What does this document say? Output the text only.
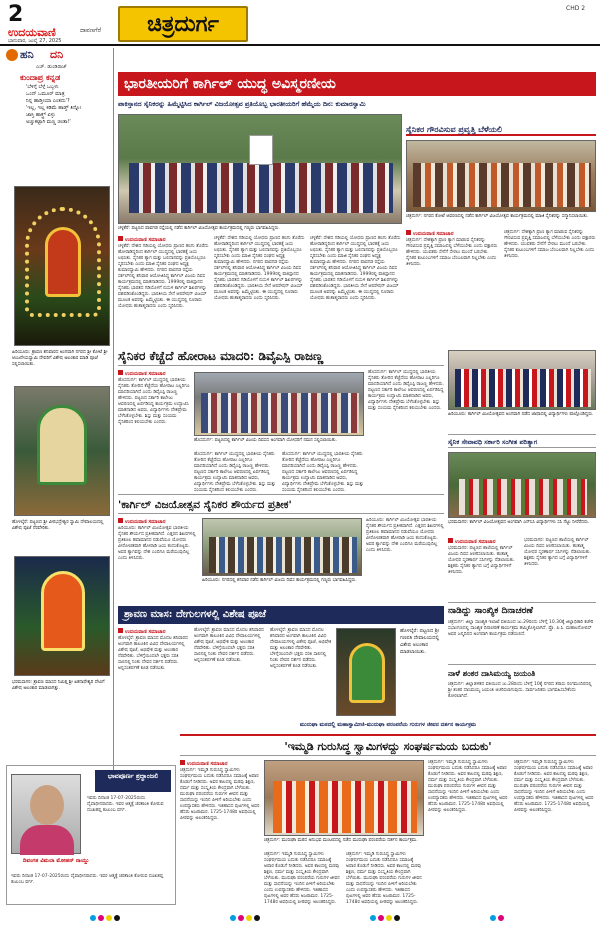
2
ಉದಯವಾಣಿ	ದಾವಣಗೆರೆ
ಭಾನುವಾರ, ಜುಲೈ 27, 2025
ಚಿತ್ರದುರ್ಗ
CHD 2
ಹನಿ ದನಿ
ಎಚ್. ಡುಂಡಿರಾಜ್
ಕುಂದಾಪ್ರ ಕನ್ನಡ
'ಬೆಳಿಗ್ಗೆ ಬೆಳ್ಗೆ ಒಬ್ಬಳು
ಒಂದ್ ಒಮೂರ್ ಮಾತ್ರ
ನಿನ್ನ ಹಾಡ್ತೀಯಾ ಎಂತದು'?
'ಇಲ್ಲ, ಇಲ್ಲ ಕಡಿಮೆ ಹಾಡ್ತ್ ತಿನ್ನೋ
ಜಾಸ್ತಿ ಹಾಕ್ತ್ತ್ ಏಳ್ಳು
ಅಚ್ಚುಕಟ್ಟಾಗಿ ಮಣ್ಣ ಚಿಂತಾ!'
ಹಿರಿಯೂರು: ಶ್ರಾವಣ ಶನಿವಾರದ ಅಂಗವಾಗಿ ನಗರದ ಶ್ರೀ ಕೋಟೆ ಶ್ರೀ ಆಂಜನೇಯಸ್ವಾಮಿ ದೇವರಿಗೆ ವಿಶೇಷ ಅಲಂಕಾರ ಮಾಡಿ ಪೂಜೆ ಸಲ್ಲಿಸಲಾಯಿತು.
ಹೊಳಲ್ಕೆರೆ: ಪಟ್ಟಣದ ಶ್ರೀ ವೀರಭದ್ರೇಶ್ವರ ಸ್ವಾಮಿ ದೇವಾಲಯದಲ್ಲಿ ವಿಶೇಷ ಪೂಜೆ ನೆರವೇರಿತು.
ಭರಮಸಾಗರ: ಶ್ರಾವಣ ಮಾಸದ ನಿಮಿತ್ತ ಶ್ರೀ ಏಕನಾಥೇಶ್ವರಿ ದೇವಿಗೆ ವಿಶೇಷ ಅಲಂಕಾರ ಮಾಡಲಾಗಿತ್ತು.
ಭಾವಪೂರ್ಣ ಶ್ರದ್ಧಾಂಜಲಿ
ಇವರು ದಿನಾಂಕ 17-07-2025ರಂದು ದೈವಾಧೀನರಾದರು. ಇವರ ಆತ್ಮಕ್ಕೆ ಚಿರಶಾಂತಿ ಕೋರುವ ದುಃಖತಪ್ತ ಕುಟುಂಬ ವರ್ಗ.
ದಿವಂಗತ ವಿಮಲಾ ಮೋಹನ್ ನಾಯ್ಡು
ಇವರು ದಿನಾಂಕ 17-07-2025ರಂದು ದೈವಾಧೀನರಾದರು. ಇವರ ಆತ್ಮಕ್ಕೆ ಚಿರಶಾಂತಿ ಕೋರುವ ದುಃಖತಪ್ತ ಕುಟುಂಬ ವರ್ಗ.
ಭಾರತೀಯರಿಗೆ ಕಾರ್ಗಿಲ್ ಯುದ್ಧ ಅವಿಸ್ಮರಣೀಯ
ಪಾಕಿಸ್ತಾನದ ಸೈನಿಕರನ್ನು ಹಿಮ್ಮೆಟ್ಟಿಸಿದ ಕಾರ್ಗಿಲ್ ವಿಜಯೋತ್ಸವ ಪ್ರತಿಯೊಬ್ಬ ಭಾರತೀಯರಿಗೆ ಹೆಮ್ಮೆಯ ದಿನ: ಕುಮಾರಸ್ವಾಮಿ
ಚಳ್ಳಕೆರೆ: ಪಟ್ಟಣದ ಪಾವಗಡ ರಸ್ತೆಯಲ್ಲಿ ನಡೆದ ಕಾರ್ಗಿಲ್ ವಿಜಯೋತ್ಸವ ಕಾರ್ಯಕ್ರಮದಲ್ಲಿ ಗಣ್ಯರು ಭಾಗವಹಿಸಿದ್ದರು.
ಉದಯವಾಣಿ ಸಮಾಚಾರ
ಚಳ್ಳಕೆರೆ: ದೇಶದ ಗಡಿಯಲ್ಲಿ ಯೋಧರು ಪ್ರಾಣದ ಹಂಗು ತೊರೆದು ಹೋರಾಡಿದ್ದರಿಂದ ಕಾರ್ಗಿಲ್ ಯುದ್ಧದಲ್ಲಿ ಭಾರತಕ್ಕೆ ಜಯ ಲಭಿಸಿತು. ಸೈನಿಕರ ತ್ಯಾಗ ಮತ್ತು ಬಲಿದಾನವನ್ನು ಪ್ರತಿಯೊಬ್ಬರೂ ಸ್ಮರಿಸಬೇಕು ಎಂದು ಮಾಜಿ ಸೈನಿಕರ ಸಂಘದ ಅಧ್ಯಕ್ಷ ಕುಮಾರಸ್ವಾಮಿ ಹೇಳಿದರು. ನಗರದ ಪಾವಗಡ ರಸ್ತೆಯ ಸರ್ಕಲ್‌ನಲ್ಲಿ ಶನಿವಾರ ಆಯೋಜಿಸಿದ್ದ ಕಾರ್ಗಿಲ್ ವಿಜಯ ದಿವಸ ಕಾರ್ಯಕ್ರಮದಲ್ಲಿ ಮಾತನಾಡಿದರು. 1999ರಲ್ಲಿ ಪಾಕಿಸ್ತಾನದ ಸೈನಿಕರು ಭಾರತದ ಗಡಿಯೊಳಗೆ ನುಸುಳಿ ಕಾರ್ಗಿಲ್ ಶಿಖರಗಳನ್ನು ವಶಪಡಿಸಿಕೊಂಡಿದ್ದರು. ಭಾರತೀಯ ಸೇನೆ ಆಪರೇಷನ್ ವಿಜಯ್ ಮೂಲಕ ಅವರನ್ನು ಹಿಮ್ಮೆಟ್ಟಿಸಿತು. ಈ ಯುದ್ಧದಲ್ಲಿ ನೂರಾರು ಯೋಧರು ಹುತಾತ್ಮರಾದರು ಎಂದು ಸ್ಮರಿಸಿದರು.
ಚಳ್ಳಕೆರೆ: ದೇಶದ ಗಡಿಯಲ್ಲಿ ಯೋಧರು ಪ್ರಾಣದ ಹಂಗು ತೊರೆದು ಹೋರಾಡಿದ್ದರಿಂದ ಕಾರ್ಗಿಲ್ ಯುದ್ಧದಲ್ಲಿ ಭಾರತಕ್ಕೆ ಜಯ ಲಭಿಸಿತು. ಸೈನಿಕರ ತ್ಯಾಗ ಮತ್ತು ಬಲಿದಾನವನ್ನು ಪ್ರತಿಯೊಬ್ಬರೂ ಸ್ಮರಿಸಬೇಕು ಎಂದು ಮಾಜಿ ಸೈನಿಕರ ಸಂಘದ ಅಧ್ಯಕ್ಷ ಕುಮಾರಸ್ವಾಮಿ ಹೇಳಿದರು. ನಗರದ ಪಾವಗಡ ರಸ್ತೆಯ ಸರ್ಕಲ್‌ನಲ್ಲಿ ಶನಿವಾರ ಆಯೋಜಿಸಿದ್ದ ಕಾರ್ಗಿಲ್ ವಿಜಯ ದಿವಸ ಕಾರ್ಯಕ್ರಮದಲ್ಲಿ ಮಾತನಾಡಿದರು. 1999ರಲ್ಲಿ ಪಾಕಿಸ್ತಾನದ ಸೈನಿಕರು ಭಾರತದ ಗಡಿಯೊಳಗೆ ನುಸುಳಿ ಕಾರ್ಗಿಲ್ ಶಿಖರಗಳನ್ನು ವಶಪಡಿಸಿಕೊಂಡಿದ್ದರು. ಭಾರತೀಯ ಸೇನೆ ಆಪರೇಷನ್ ವಿಜಯ್ ಮೂಲಕ ಅವರನ್ನು ಹಿಮ್ಮೆಟ್ಟಿಸಿತು. ಈ ಯುದ್ಧದಲ್ಲಿ ನೂರಾರು ಯೋಧರು ಹುತಾತ್ಮರಾದರು ಎಂದು ಸ್ಮರಿಸಿದರು.
ಚಳ್ಳಕೆರೆ: ದೇಶದ ಗಡಿಯಲ್ಲಿ ಯೋಧರು ಪ್ರಾಣದ ಹಂಗು ತೊರೆದು ಹೋರಾಡಿದ್ದರಿಂದ ಕಾರ್ಗಿಲ್ ಯುದ್ಧದಲ್ಲಿ ಭಾರತಕ್ಕೆ ಜಯ ಲಭಿಸಿತು. ಸೈನಿಕರ ತ್ಯಾಗ ಮತ್ತು ಬಲಿದಾನವನ್ನು ಪ್ರತಿಯೊಬ್ಬರೂ ಸ್ಮರಿಸಬೇಕು ಎಂದು ಮಾಜಿ ಸೈನಿಕರ ಸಂಘದ ಅಧ್ಯಕ್ಷ ಕುಮಾರಸ್ವಾಮಿ ಹೇಳಿದರು. ನಗರದ ಪಾವಗಡ ರಸ್ತೆಯ ಸರ್ಕಲ್‌ನಲ್ಲಿ ಶನಿವಾರ ಆಯೋಜಿಸಿದ್ದ ಕಾರ್ಗಿಲ್ ವಿಜಯ ದಿವಸ ಕಾರ್ಯಕ್ರಮದಲ್ಲಿ ಮಾತನಾಡಿದರು. 1999ರಲ್ಲಿ ಪಾಕಿಸ್ತಾನದ ಸೈನಿಕರು ಭಾರತದ ಗಡಿಯೊಳಗೆ ನುಸುಳಿ ಕಾರ್ಗಿಲ್ ಶಿಖರಗಳನ್ನು ವಶಪಡಿಸಿಕೊಂಡಿದ್ದರು. ಭಾರತೀಯ ಸೇನೆ ಆಪರೇಷನ್ ವಿಜಯ್ ಮೂಲಕ ಅವರನ್ನು ಹಿಮ್ಮೆಟ್ಟಿಸಿತು. ಈ ಯುದ್ಧದಲ್ಲಿ ನೂರಾರು ಯೋಧರು ಹುತಾತ್ಮರಾದರು ಎಂದು ಸ್ಮರಿಸಿದರು.
ಸೈನಿಕರ ಗೌರವಿಸುವ ಪ್ರವೃತ್ತಿ ಬೆಳೆಯಲಿ
ಚಿತ್ರದುರ್ಗ: ನಗರದ ಕೋಟೆ ಆವರಣದಲ್ಲಿ ನಡೆದ ಕಾರ್ಗಿಲ್ ವಿಜಯೋತ್ಸವ ಕಾರ್ಯಕ್ರಮದಲ್ಲಿ ಮಾಜಿ ಸೈನಿಕರನ್ನು ಸನ್ಮಾನಿಸಲಾಯಿತು.
ಉದಯವಾಣಿ ಸಮಾಚಾರ
ಚಿತ್ರದುರ್ಗ: ದೇಶಕ್ಕಾಗಿ ಪ್ರಾಣ ತ್ಯಾಗ ಮಾಡುವ ಸೈನಿಕರನ್ನು ಗೌರವಿಸುವ ಪ್ರವೃತ್ತಿ ಸಮಾಜದಲ್ಲಿ ಬೆಳೆಯಬೇಕು ಎಂದು ವಕ್ತಾರರು ಹೇಳಿದರು. ಯುವಕರು ಸೇನೆಗೆ ಸೇರಲು ಮುಂದೆ ಬರಬೇಕು. ಸೈನಿಕರ ಕುಟುಂಬಗಳಿಗೆ ಸಮಾಜ ಬೆಂಬಲವಾಗಿ ನಿಲ್ಲಬೇಕು ಎಂದು ತಿಳಿಸಿದರು.
ಚಿತ್ರದುರ್ಗ: ದೇಶಕ್ಕಾಗಿ ಪ್ರಾಣ ತ್ಯಾಗ ಮಾಡುವ ಸೈನಿಕರನ್ನು ಗೌರವಿಸುವ ಪ್ರವೃತ್ತಿ ಸಮಾಜದಲ್ಲಿ ಬೆಳೆಯಬೇಕು ಎಂದು ವಕ್ತಾರರು ಹೇಳಿದರು. ಯುವಕರು ಸೇನೆಗೆ ಸೇರಲು ಮುಂದೆ ಬರಬೇಕು. ಸೈನಿಕರ ಕುಟುಂಬಗಳಿಗೆ ಸಮಾಜ ಬೆಂಬಲವಾಗಿ ನಿಲ್ಲಬೇಕು ಎಂದು ತಿಳಿಸಿದರು.
ಸೈನಿಕರ ಕೆಚ್ಚೆದೆ ಹೋರಾಟ ಮಾದರಿ: ಡಿವೈಎಸ್ಪಿ ರಾಜಣ್ಣ
ಉದಯವಾಣಿ ಸಮಾಚಾರ
ಹೊಸದುರ್ಗ: ಕಾರ್ಗಿಲ್ ಯುದ್ಧದಲ್ಲಿ ಭಾರತೀಯ ಸೈನಿಕರು ತೋರಿದ ಕೆಚ್ಚೆದೆಯ ಹೋರಾಟ ಎಲ್ಲರಿಗೂ ಮಾದರಿಯಾಗಿದೆ ಎಂದು ಡಿವೈಎಸ್ಪಿ ರಾಜಣ್ಣ ಹೇಳಿದರು. ಪಟ್ಟಣದ ಸರ್ಕಾರಿ ಕಾಲೇಜು ಆವರಣದಲ್ಲಿ ಏರ್ಪಡಿಸಿದ್ದ ಕಾರ್ಯಕ್ರಮ ಉದ್ಘಾಟಿಸಿ ಮಾತನಾಡಿದ ಅವರು, ವಿದ್ಯಾರ್ಥಿಗಳು ದೇಶಪ್ರೇಮ ಬೆಳೆಸಿಕೊಳ್ಳಬೇಕು. ಶಿಸ್ತು ಮತ್ತು ಸಂಯಮ ಸೈನಿಕರಿಂದ ಕಲಿಯಬೇಕು ಎಂದರು.
ಹೊಸದುರ್ಗ: ಪಟ್ಟಣದಲ್ಲಿ ಕಾರ್ಗಿಲ್ ವಿಜಯ ದಿವಸದ ಅಂಗವಾಗಿ ಯೋಧರಿಗೆ ನಮನ ಸಲ್ಲಿಸಲಾಯಿತು.
ಹೊಸದುರ್ಗ: ಕಾರ್ಗಿಲ್ ಯುದ್ಧದಲ್ಲಿ ಭಾರತೀಯ ಸೈನಿಕರು ತೋರಿದ ಕೆಚ್ಚೆದೆಯ ಹೋರಾಟ ಎಲ್ಲರಿಗೂ ಮಾದರಿಯಾಗಿದೆ ಎಂದು ಡಿವೈಎಸ್ಪಿ ರಾಜಣ್ಣ ಹೇಳಿದರು. ಪಟ್ಟಣದ ಸರ್ಕಾರಿ ಕಾಲೇಜು ಆವರಣದಲ್ಲಿ ಏರ್ಪಡಿಸಿದ್ದ ಕಾರ್ಯಕ್ರಮ ಉದ್ಘಾಟಿಸಿ ಮಾತನಾಡಿದ ಅವರು, ವಿದ್ಯಾರ್ಥಿಗಳು ದೇಶಪ್ರೇಮ ಬೆಳೆಸಿಕೊಳ್ಳಬೇಕು. ಶಿಸ್ತು ಮತ್ತು ಸಂಯಮ ಸೈನಿಕರಿಂದ ಕಲಿಯಬೇಕು ಎಂದರು.
ಹೊಸದುರ್ಗ: ಕಾರ್ಗಿಲ್ ಯುದ್ಧದಲ್ಲಿ ಭಾರತೀಯ ಸೈನಿಕರು ತೋರಿದ ಕೆಚ್ಚೆದೆಯ ಹೋರಾಟ ಎಲ್ಲರಿಗೂ ಮಾದರಿಯಾಗಿದೆ ಎಂದು ಡಿವೈಎಸ್ಪಿ ರಾಜಣ್ಣ ಹೇಳಿದರು. ಪಟ್ಟಣದ ಸರ್ಕಾರಿ ಕಾಲೇಜು ಆವರಣದಲ್ಲಿ ಏರ್ಪಡಿಸಿದ್ದ ಕಾರ್ಯಕ್ರಮ ಉದ್ಘಾಟಿಸಿ ಮಾತನಾಡಿದ ಅವರು, ವಿದ್ಯಾರ್ಥಿಗಳು ದೇಶಪ್ರೇಮ ಬೆಳೆಸಿಕೊಳ್ಳಬೇಕು. ಶಿಸ್ತು ಮತ್ತು ಸಂಯಮ ಸೈನಿಕರಿಂದ ಕಲಿಯಬೇಕು ಎಂದರು.
ಹೊಸದುರ್ಗ: ಕಾರ್ಗಿಲ್ ಯುದ್ಧದಲ್ಲಿ ಭಾರತೀಯ ಸೈನಿಕರು ತೋರಿದ ಕೆಚ್ಚೆದೆಯ ಹೋರಾಟ ಎಲ್ಲರಿಗೂ ಮಾದರಿಯಾಗಿದೆ ಎಂದು ಡಿವೈಎಸ್ಪಿ ರಾಜಣ್ಣ ಹೇಳಿದರು. ಪಟ್ಟಣದ ಸರ್ಕಾರಿ ಕಾಲೇಜು ಆವರಣದಲ್ಲಿ ಏರ್ಪಡಿಸಿದ್ದ ಕಾರ್ಯಕ್ರಮ ಉದ್ಘಾಟಿಸಿ ಮಾತನಾಡಿದ ಅವರು, ವಿದ್ಯಾರ್ಥಿಗಳು ದೇಶಪ್ರೇಮ ಬೆಳೆಸಿಕೊಳ್ಳಬೇಕು. ಶಿಸ್ತು ಮತ್ತು ಸಂಯಮ ಸೈನಿಕರಿಂದ ಕಲಿಯಬೇಕು ಎಂದರು.
ಹಿರಿಯೂರು: ಕಾರ್ಗಿಲ್ ವಿಜಯೋತ್ಸವದ ಅಂಗವಾಗಿ ನಡೆದ ಜಾಥಾದಲ್ಲಿ ವಿದ್ಯಾರ್ಥಿಗಳು ಪಾಲ್ಗೊಂಡಿದ್ದರು.
ಸೈನಿಕ ಸೇವಾವಧಿ ಸರ್ಕಾರಿ ಸಂಗೀತ ಪರಿತ್ಯಾಗ
ಭರಮಸಾಗರ: ಕಾರ್ಗಿಲ್ ವಿಜಯೋತ್ಸವದ ಅಂಗವಾಗಿ ಎನ್‌ಸಿಸಿ ವಿದ್ಯಾರ್ಥಿಗಳು ಸಸಿ ನೆಟ್ಟು ನೀರೆರೆದರು.
ಉದಯವಾಣಿ ಸಮಾಚಾರ
ಭರಮಸಾಗರ: ಪಟ್ಟಣದ ಶಾಲೆಯಲ್ಲಿ ಕಾರ್ಗಿಲ್ ವಿಜಯ ದಿವಸ ಆಚರಿಸಲಾಯಿತು. ಹುತಾತ್ಮ ಯೋಧರ ಸ್ಮರಣಾರ್ಥ ಸಸಿಗಳನ್ನು ನೆಡಲಾಯಿತು. ಶಿಕ್ಷಕರು ಸೈನಿಕರ ತ್ಯಾಗದ ಬಗ್ಗೆ ವಿದ್ಯಾರ್ಥಿಗಳಿಗೆ ತಿಳಿಸಿದರು.
ಭರಮಸಾಗರ: ಪಟ್ಟಣದ ಶಾಲೆಯಲ್ಲಿ ಕಾರ್ಗಿಲ್ ವಿಜಯ ದಿವಸ ಆಚರಿಸಲಾಯಿತು. ಹುತಾತ್ಮ ಯೋಧರ ಸ್ಮರಣಾರ್ಥ ಸಸಿಗಳನ್ನು ನೆಡಲಾಯಿತು. ಶಿಕ್ಷಕರು ಸೈನಿಕರ ತ್ಯಾಗದ ಬಗ್ಗೆ ವಿದ್ಯಾರ್ಥಿಗಳಿಗೆ ತಿಳಿಸಿದರು.
'ಕಾರ್ಗಿಲ್ ವಿಜಯೋತ್ಸವ ಸೈನಿಕರ ಶೌರ್ಯದ ಪ್ರತೀಕ'
ಉದಯವಾಣಿ ಸಮಾಚಾರ
ಹಿರಿಯೂರು: ಕಾರ್ಗಿಲ್ ವಿಜಯೋತ್ಸವ ಭಾರತೀಯ ಸೈನಿಕರ ಶೌರ್ಯದ ಪ್ರತೀಕವಾಗಿದೆ. ಎತ್ತರದ ಶಿಖರಗಳಲ್ಲಿ ಪ್ರತಿಕೂಲ ಹವಾಮಾನದ ನಡುವೆಯೂ ಯೋಧರು ವೀರೋಚಿತವಾಗಿ ಹೋರಾಡಿ ಜಯ ತಂದುಕೊಟ್ಟರು. ಅವರ ತ್ಯಾಗವನ್ನು ದೇಶ ಎಂದಿಗೂ ಮರೆಯುವುದಿಲ್ಲ ಎಂದು ತಿಳಿಸಿದರು.
ಹಿರಿಯೂರು: ನಗರದಲ್ಲಿ ಶನಿವಾರ ನಡೆದ ಕಾರ್ಗಿಲ್ ವಿಜಯ ದಿವಸ ಕಾರ್ಯಕ್ರಮದಲ್ಲಿ ಗಣ್ಯರು ಭಾಗವಹಿಸಿದ್ದರು.
ಹಿರಿಯೂರು: ಕಾರ್ಗಿಲ್ ವಿಜಯೋತ್ಸವ ಭಾರತೀಯ ಸೈನಿಕರ ಶೌರ್ಯದ ಪ್ರತೀಕವಾಗಿದೆ. ಎತ್ತರದ ಶಿಖರಗಳಲ್ಲಿ ಪ್ರತಿಕೂಲ ಹವಾಮಾನದ ನಡುವೆಯೂ ಯೋಧರು ವೀರೋಚಿತವಾಗಿ ಹೋರಾಡಿ ಜಯ ತಂದುಕೊಟ್ಟರು. ಅವರ ತ್ಯಾಗವನ್ನು ದೇಶ ಎಂದಿಗೂ ಮರೆಯುವುದಿಲ್ಲ ಎಂದು ತಿಳಿಸಿದರು.
ನಾಡಿದ್ದು ಸಾಂಖ್ಯಿಕ ದಿನಾಚರಣೆ
ಚಿತ್ರದುರ್ಗ: ಜಿಲ್ಲಾ ಸಾಂಖ್ಯಿಕ ಇಲಾಖೆ ವತಿಯಿಂದ ಜು.29ರಂದು ಬೆಳಿಗ್ಗೆ 10.30ಕ್ಕೆ ಜಿಲ್ಲಾಧಿಕಾರಿ ಕಚೇರಿ ಸಭಾಂಗಣದಲ್ಲಿ ಸಾಂಖ್ಯಿಕ ದಿನಾಚರಣೆ ಕಾರ್ಯಕ್ರಮ ಹಮ್ಮಿಕೊಳ್ಳಲಾಗಿದೆ. ಪ್ರೊ. ಪಿ.ಸಿ. ಮಹಾಲನೋಬಿಸ್ ಅವರ ಜನ್ಮದಿನದ ಅಂಗವಾಗಿ ಕಾರ್ಯಕ್ರಮ ನಡೆಯಲಿದೆ.
ನಾಳೆ ಶಂಕರ ದಾಸಿಮಯ್ಯ ಜಯಂತಿ
ಚಿತ್ರದುರ್ಗ: ಜಿಲ್ಲಾಡಳಿತದ ವತಿಯಿಂದ ಜು.28ರಂದು ಬೆಳಿಗ್ಗೆ 10ಕ್ಕೆ ನಗರದ ತರಾಸು ರಂಗಮಂದಿರದಲ್ಲಿ ಶ್ರೀ ಶಂಕರ ದಾಸಿಮಯ್ಯ ಜಯಂತಿ ಆಚರಿಸಲಾಗುವುದು. ಸಾರ್ವಜನಿಕರು ಭಾಗವಹಿಸಬೇಕೆಂದು ಕೋರಲಾಗಿದೆ.
ಶ್ರಾವಣ ಮಾಸ: ದೇಗುಲಗಳಲ್ಲಿ ವಿಶೇಷ ಪೂಜೆ
ಉದಯವಾಣಿ ಸಮಾಚಾರ
ಹೊಳಲ್ಕೆರೆ: ಶ್ರಾವಣ ಮಾಸದ ಮೊದಲ ಶನಿವಾರದ ಅಂಗವಾಗಿ ತಾಲೂಕಿನ ವಿವಿಧ ದೇವಾಲಯಗಳಲ್ಲಿ ವಿಶೇಷ ಪೂಜೆ, ಅಭಿಷೇಕ ಮತ್ತು ಅಲಂಕಾರ ನೆರವೇರಿತು. ಬೆಳಿಗ್ಗೆಯಿಂದಲೇ ಭಕ್ತರು ಸರತಿ ಸಾಲಿನಲ್ಲಿ ನಿಂತು ದೇವರ ದರ್ಶನ ಪಡೆದರು. ಅನ್ನಸಂತರ್ಪಣೆ ಕೂಡ ನಡೆಯಿತು.
ಹೊಳಲ್ಕೆರೆ: ಶ್ರಾವಣ ಮಾಸದ ಮೊದಲ ಶನಿವಾರದ ಅಂಗವಾಗಿ ತಾಲೂಕಿನ ವಿವಿಧ ದೇವಾಲಯಗಳಲ್ಲಿ ವಿಶೇಷ ಪೂಜೆ, ಅಭಿಷೇಕ ಮತ್ತು ಅಲಂಕಾರ ನೆರವೇರಿತು. ಬೆಳಿಗ್ಗೆಯಿಂದಲೇ ಭಕ್ತರು ಸರತಿ ಸಾಲಿನಲ್ಲಿ ನಿಂತು ದೇವರ ದರ್ಶನ ಪಡೆದರು. ಅನ್ನಸಂತರ್ಪಣೆ ಕೂಡ ನಡೆಯಿತು.
ಹೊಳಲ್ಕೆರೆ: ಶ್ರಾವಣ ಮಾಸದ ಮೊದಲ ಶನಿವಾರದ ಅಂಗವಾಗಿ ತಾಲೂಕಿನ ವಿವಿಧ ದೇವಾಲಯಗಳಲ್ಲಿ ವಿಶೇಷ ಪೂಜೆ, ಅಭಿಷೇಕ ಮತ್ತು ಅಲಂಕಾರ ನೆರವೇರಿತು. ಬೆಳಿಗ್ಗೆಯಿಂದಲೇ ಭಕ್ತರು ಸರತಿ ಸಾಲಿನಲ್ಲಿ ನಿಂತು ದೇವರ ದರ್ಶನ ಪಡೆದರು. ಅನ್ನಸಂತರ್ಪಣೆ ಕೂಡ ನಡೆಯಿತು.
ಹೊಳಲ್ಕೆರೆ: ಪಟ್ಟಣದ ಶ್ರೀ ಗಣಪತಿ ದೇವಾಲಯದಲ್ಲಿ ವಿಶೇಷ ಅಲಂಕಾರ ಮಾಡಲಾಯಿತು.
ಮುರುಘಾ ಮಠದಲ್ಲಿ ಮಹಾಸ್ವಾಮೀಜಿ-ಮುರುಘಾ ಪರಂಪರೆಯ ಗುರುಗಳ ಜೀವನ ದರ್ಶನ ಕಾರ್ಯಕ್ರಮ
'ಇಮ್ಮಡಿ ಗುರುಸಿದ್ಧ ಸ್ವಾಮಿಗಳದ್ದು ಸಂಘರ್ಷಮಯ ಬದುಕು'
ಉದಯವಾಣಿ ಸಮಾಚಾರ
ಚಿತ್ರದುರ್ಗ: ಇಮ್ಮಡಿ ಗುರುಸಿದ್ಧ ಸ್ವಾಮಿಗಳು ಸಂಘರ್ಷಮಯ ಬದುಕು ನಡೆಸಿದರೂ ಸಮಾಜಕ್ಕೆ ಅಪಾರ ಕೊಡುಗೆ ನೀಡಿದರು. ಅವರ ಕಾಲದಲ್ಲಿ ಮಠವು ಶಿಕ್ಷಣ, ಧರ್ಮ ಮತ್ತು ಸಂಸ್ಕೃತಿಯ ಕೇಂದ್ರವಾಗಿ ಬೆಳೆಯಿತು. ಮುರುಘಾ ಪರಂಪರೆಯ ಗುರುಗಳ ಜೀವನ ಮತ್ತು ಸಾಧನೆಯನ್ನು ಇಂದಿನ ಪೀಳಿಗೆ ಅರಿಯಬೇಕು ಎಂದು ಉಪನ್ಯಾಸಕರು ಹೇಳಿದರು. ಇತಿಹಾಸದ ಪುಟಗಳಲ್ಲಿ ಅವರ ಹೆಸರು ಅಜರಾಮರ. 1725-1748ರ ಅವಧಿಯಲ್ಲಿ ಪೀಠವನ್ನು ಅಲಂಕರಿಸಿದ್ದರು.
ಚಿತ್ರದುರ್ಗ: ಮುರುಘಾ ಮಠದ ಅನುಭವ ಮಂಟಪದಲ್ಲಿ ನಡೆದ ಮುರುಘಾ ಪರಂಪರೆಯ ದರ್ಶನ ಕಾರ್ಯಕ್ರಮ.
ಚಿತ್ರದುರ್ಗ: ಇಮ್ಮಡಿ ಗುರುಸಿದ್ಧ ಸ್ವಾಮಿಗಳು ಸಂಘರ್ಷಮಯ ಬದುಕು ನಡೆಸಿದರೂ ಸಮಾಜಕ್ಕೆ ಅಪಾರ ಕೊಡುಗೆ ನೀಡಿದರು. ಅವರ ಕಾಲದಲ್ಲಿ ಮಠವು ಶಿಕ್ಷಣ, ಧರ್ಮ ಮತ್ತು ಸಂಸ್ಕೃತಿಯ ಕೇಂದ್ರವಾಗಿ ಬೆಳೆಯಿತು. ಮುರುಘಾ ಪರಂಪರೆಯ ಗುರುಗಳ ಜೀವನ ಮತ್ತು ಸಾಧನೆಯನ್ನು ಇಂದಿನ ಪೀಳಿಗೆ ಅರಿಯಬೇಕು ಎಂದು ಉಪನ್ಯಾಸಕರು ಹೇಳಿದರು. ಇತಿಹಾಸದ ಪುಟಗಳಲ್ಲಿ ಅವರ ಹೆಸರು ಅಜರಾಮರ. 1725-1748ರ ಅವಧಿಯಲ್ಲಿ ಪೀಠವನ್ನು ಅಲಂಕರಿಸಿದ್ದರು.
ಚಿತ್ರದುರ್ಗ: ಇಮ್ಮಡಿ ಗುರುಸಿದ್ಧ ಸ್ವಾಮಿಗಳು ಸಂಘರ್ಷಮಯ ಬದುಕು ನಡೆಸಿದರೂ ಸಮಾಜಕ್ಕೆ ಅಪಾರ ಕೊಡುಗೆ ನೀಡಿದರು. ಅವರ ಕಾಲದಲ್ಲಿ ಮಠವು ಶಿಕ್ಷಣ, ಧರ್ಮ ಮತ್ತು ಸಂಸ್ಕೃತಿಯ ಕೇಂದ್ರವಾಗಿ ಬೆಳೆಯಿತು. ಮುರುಘಾ ಪರಂಪರೆಯ ಗುರುಗಳ ಜೀವನ ಮತ್ತು ಸಾಧನೆಯನ್ನು ಇಂದಿನ ಪೀಳಿಗೆ ಅರಿಯಬೇಕು ಎಂದು ಉಪನ್ಯಾಸಕರು ಹೇಳಿದರು. ಇತಿಹಾಸದ ಪುಟಗಳಲ್ಲಿ ಅವರ ಹೆಸರು ಅಜರಾಮರ. 1725-1748ರ ಅವಧಿಯಲ್ಲಿ ಪೀಠವನ್ನು ಅಲಂಕರಿಸಿದ್ದರು.
ಚಿತ್ರದುರ್ಗ: ಇಮ್ಮಡಿ ಗುರುಸಿದ್ಧ ಸ್ವಾಮಿಗಳು ಸಂಘರ್ಷಮಯ ಬದುಕು ನಡೆಸಿದರೂ ಸಮಾಜಕ್ಕೆ ಅಪಾರ ಕೊಡುಗೆ ನೀಡಿದರು. ಅವರ ಕಾಲದಲ್ಲಿ ಮಠವು ಶಿಕ್ಷಣ, ಧರ್ಮ ಮತ್ತು ಸಂಸ್ಕೃತಿಯ ಕೇಂದ್ರವಾಗಿ ಬೆಳೆಯಿತು. ಮುರುಘಾ ಪರಂಪರೆಯ ಗುರುಗಳ ಜೀವನ ಮತ್ತು ಸಾಧನೆಯನ್ನು ಇಂದಿನ ಪೀಳಿಗೆ ಅರಿಯಬೇಕು ಎಂದು ಉಪನ್ಯಾಸಕರು ಹೇಳಿದರು. ಇತಿಹಾಸದ ಪುಟಗಳಲ್ಲಿ ಅವರ ಹೆಸರು ಅಜರಾಮರ. 1725-1748ರ ಅವಧಿಯಲ್ಲಿ ಪೀಠವನ್ನು ಅಲಂಕರಿಸಿದ್ದರು.
ಚಿತ್ರದುರ್ಗ: ಇಮ್ಮಡಿ ಗುರುಸಿದ್ಧ ಸ್ವಾಮಿಗಳು ಸಂಘರ್ಷಮಯ ಬದುಕು ನಡೆಸಿದರೂ ಸಮಾಜಕ್ಕೆ ಅಪಾರ ಕೊಡುಗೆ ನೀಡಿದರು. ಅವರ ಕಾಲದಲ್ಲಿ ಮಠವು ಶಿಕ್ಷಣ, ಧರ್ಮ ಮತ್ತು ಸಂಸ್ಕೃತಿಯ ಕೇಂದ್ರವಾಗಿ ಬೆಳೆಯಿತು. ಮುರುಘಾ ಪರಂಪರೆಯ ಗುರುಗಳ ಜೀವನ ಮತ್ತು ಸಾಧನೆಯನ್ನು ಇಂದಿನ ಪೀಳಿಗೆ ಅರಿಯಬೇಕು ಎಂದು ಉಪನ್ಯಾಸಕರು ಹೇಳಿದರು. ಇತಿಹಾಸದ ಪುಟಗಳಲ್ಲಿ ಅವರ ಹೆಸರು ಅಜರಾಮರ. 1725-1748ರ ಅವಧಿಯಲ್ಲಿ ಪೀಠವನ್ನು ಅಲಂಕರಿಸಿದ್ದರು.
